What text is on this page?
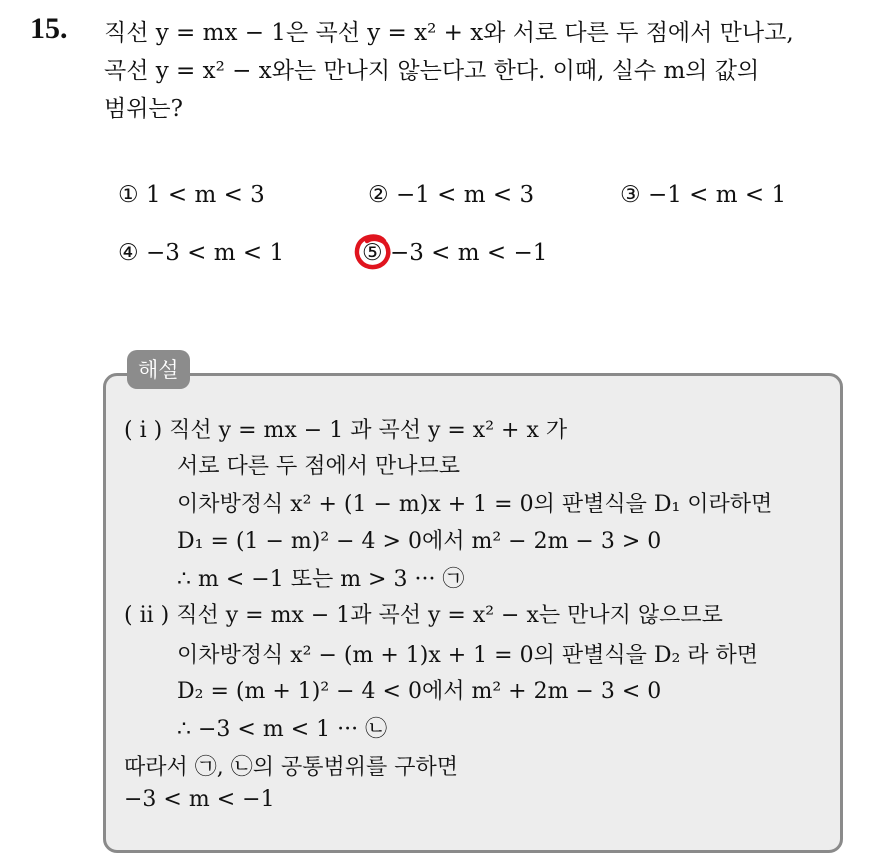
15. 직선 y = mx − 1은 곡선 y = x² + x와 서로 다른 두 점에서 만나고,
곡선 y = x² − x와는 만나지 않는다고 한다. 이때, 실수 m의 값의
범위는?
① 1 < m < 3	② −1 < m < 3	③ −1 < m < 1
④ −3 < m < 1	⑤ −3 < m < −1
해설
( i ) 직선 y = mx − 1 과 곡선 y = x² + x 가
서로 다른 두 점에서 만나므로
이차방정식 x² + (1 − m)x + 1 = 0의 판별식을 D₁ 이라하면
D₁ = (1 − m)² − 4 > 0에서 m² − 2m − 3 > 0
∴ m < −1 또는 m > 3 ··· ㉠
( ii ) 직선 y = mx − 1과 곡선 y = x² − x는 만나지 않으므로
이차방정식 x² − (m + 1)x + 1 = 0의 판별식을 D₂ 라 하면
D₂ = (m + 1)² − 4 < 0에서 m² + 2m − 3 < 0
∴ −3 < m < 1 ··· ㉡
따라서 ㉠, ㉡의 공통범위를 구하면
−3 < m < −1
